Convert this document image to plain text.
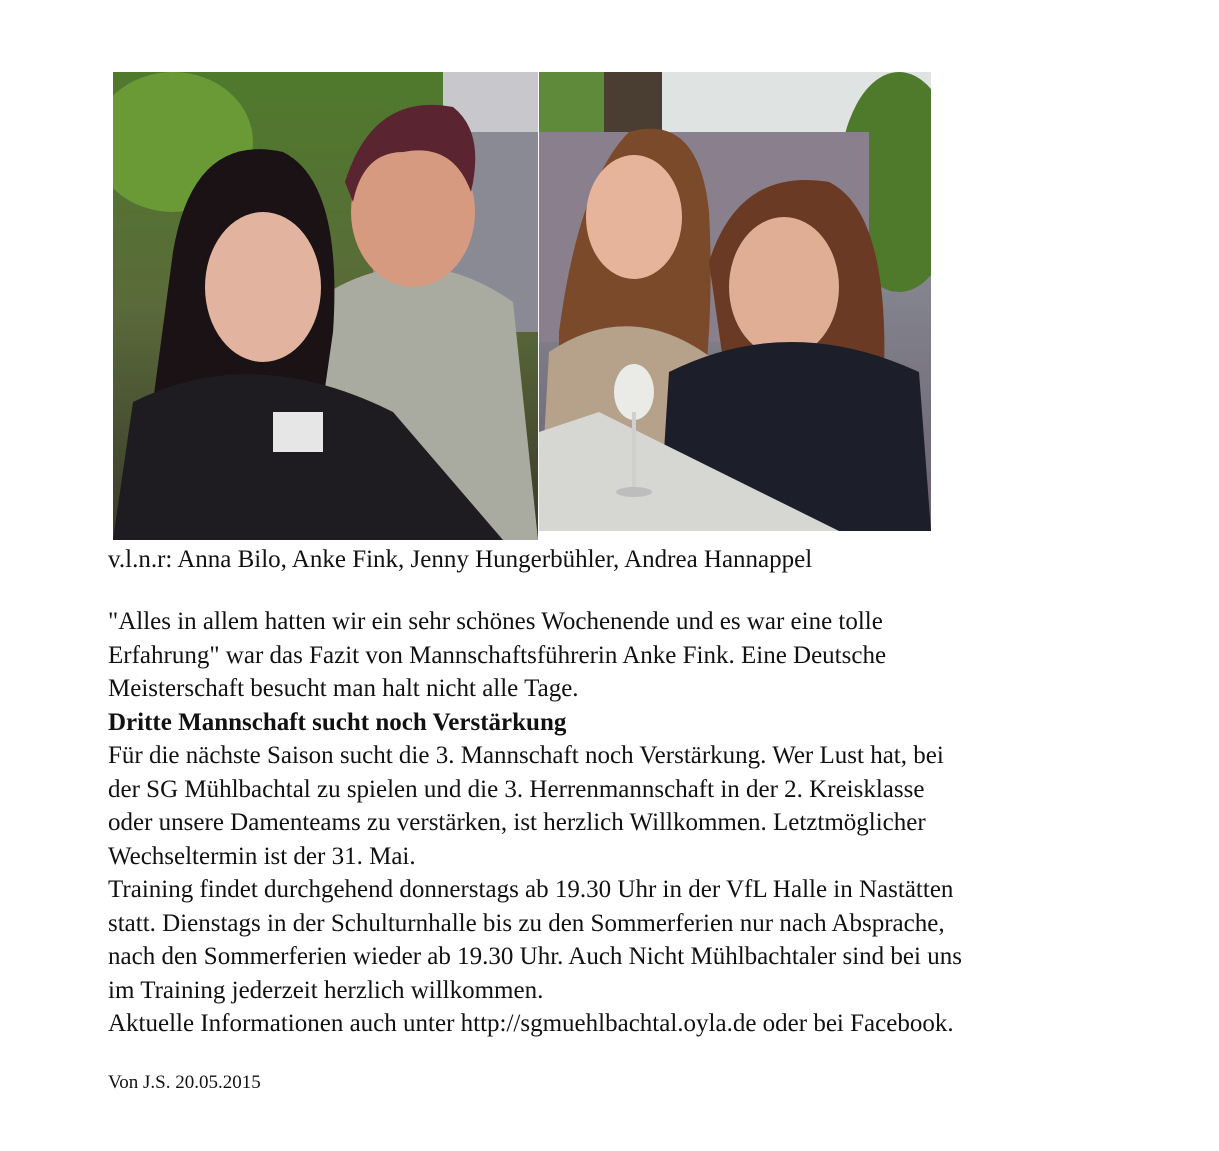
v.l.n.r: Anna Bilo, Anke Fink, Jenny Hungerbühler, Andrea Hannappel
"Alles in allem hatten wir ein sehr schönes Wochenende und es war eine tolle
Erfahrung" war das Fazit von Mannschaftsführerin Anke Fink. Eine Deutsche
Meisterschaft besucht man halt nicht alle Tage.
Dritte Mannschaft sucht noch Verstärkung
Für die nächste Saison sucht die 3. Mannschaft noch Verstärkung. Wer Lust hat, bei
der SG Mühlbachtal zu spielen und die 3. Herrenmannschaft in der 2. Kreisklasse
oder unsere Damenteams zu verstärken, ist herzlich Willkommen. Letztmöglicher
Wechseltermin ist der 31. Mai.
Training findet durchgehend donnerstags ab 19.30 Uhr in der VfL Halle in Nastätten
statt. Dienstags in der Schulturnhalle bis zu den Sommerferien nur nach Absprache,
nach den Sommerferien wieder ab 19.30 Uhr. Auch Nicht Mühlbachtaler sind bei uns
im Training jederzeit herzlich willkommen.
Aktuelle Informationen auch unter http://sgmuehlbachtal.oyla.de oder bei Facebook.
Von J.S. 20.05.2015
